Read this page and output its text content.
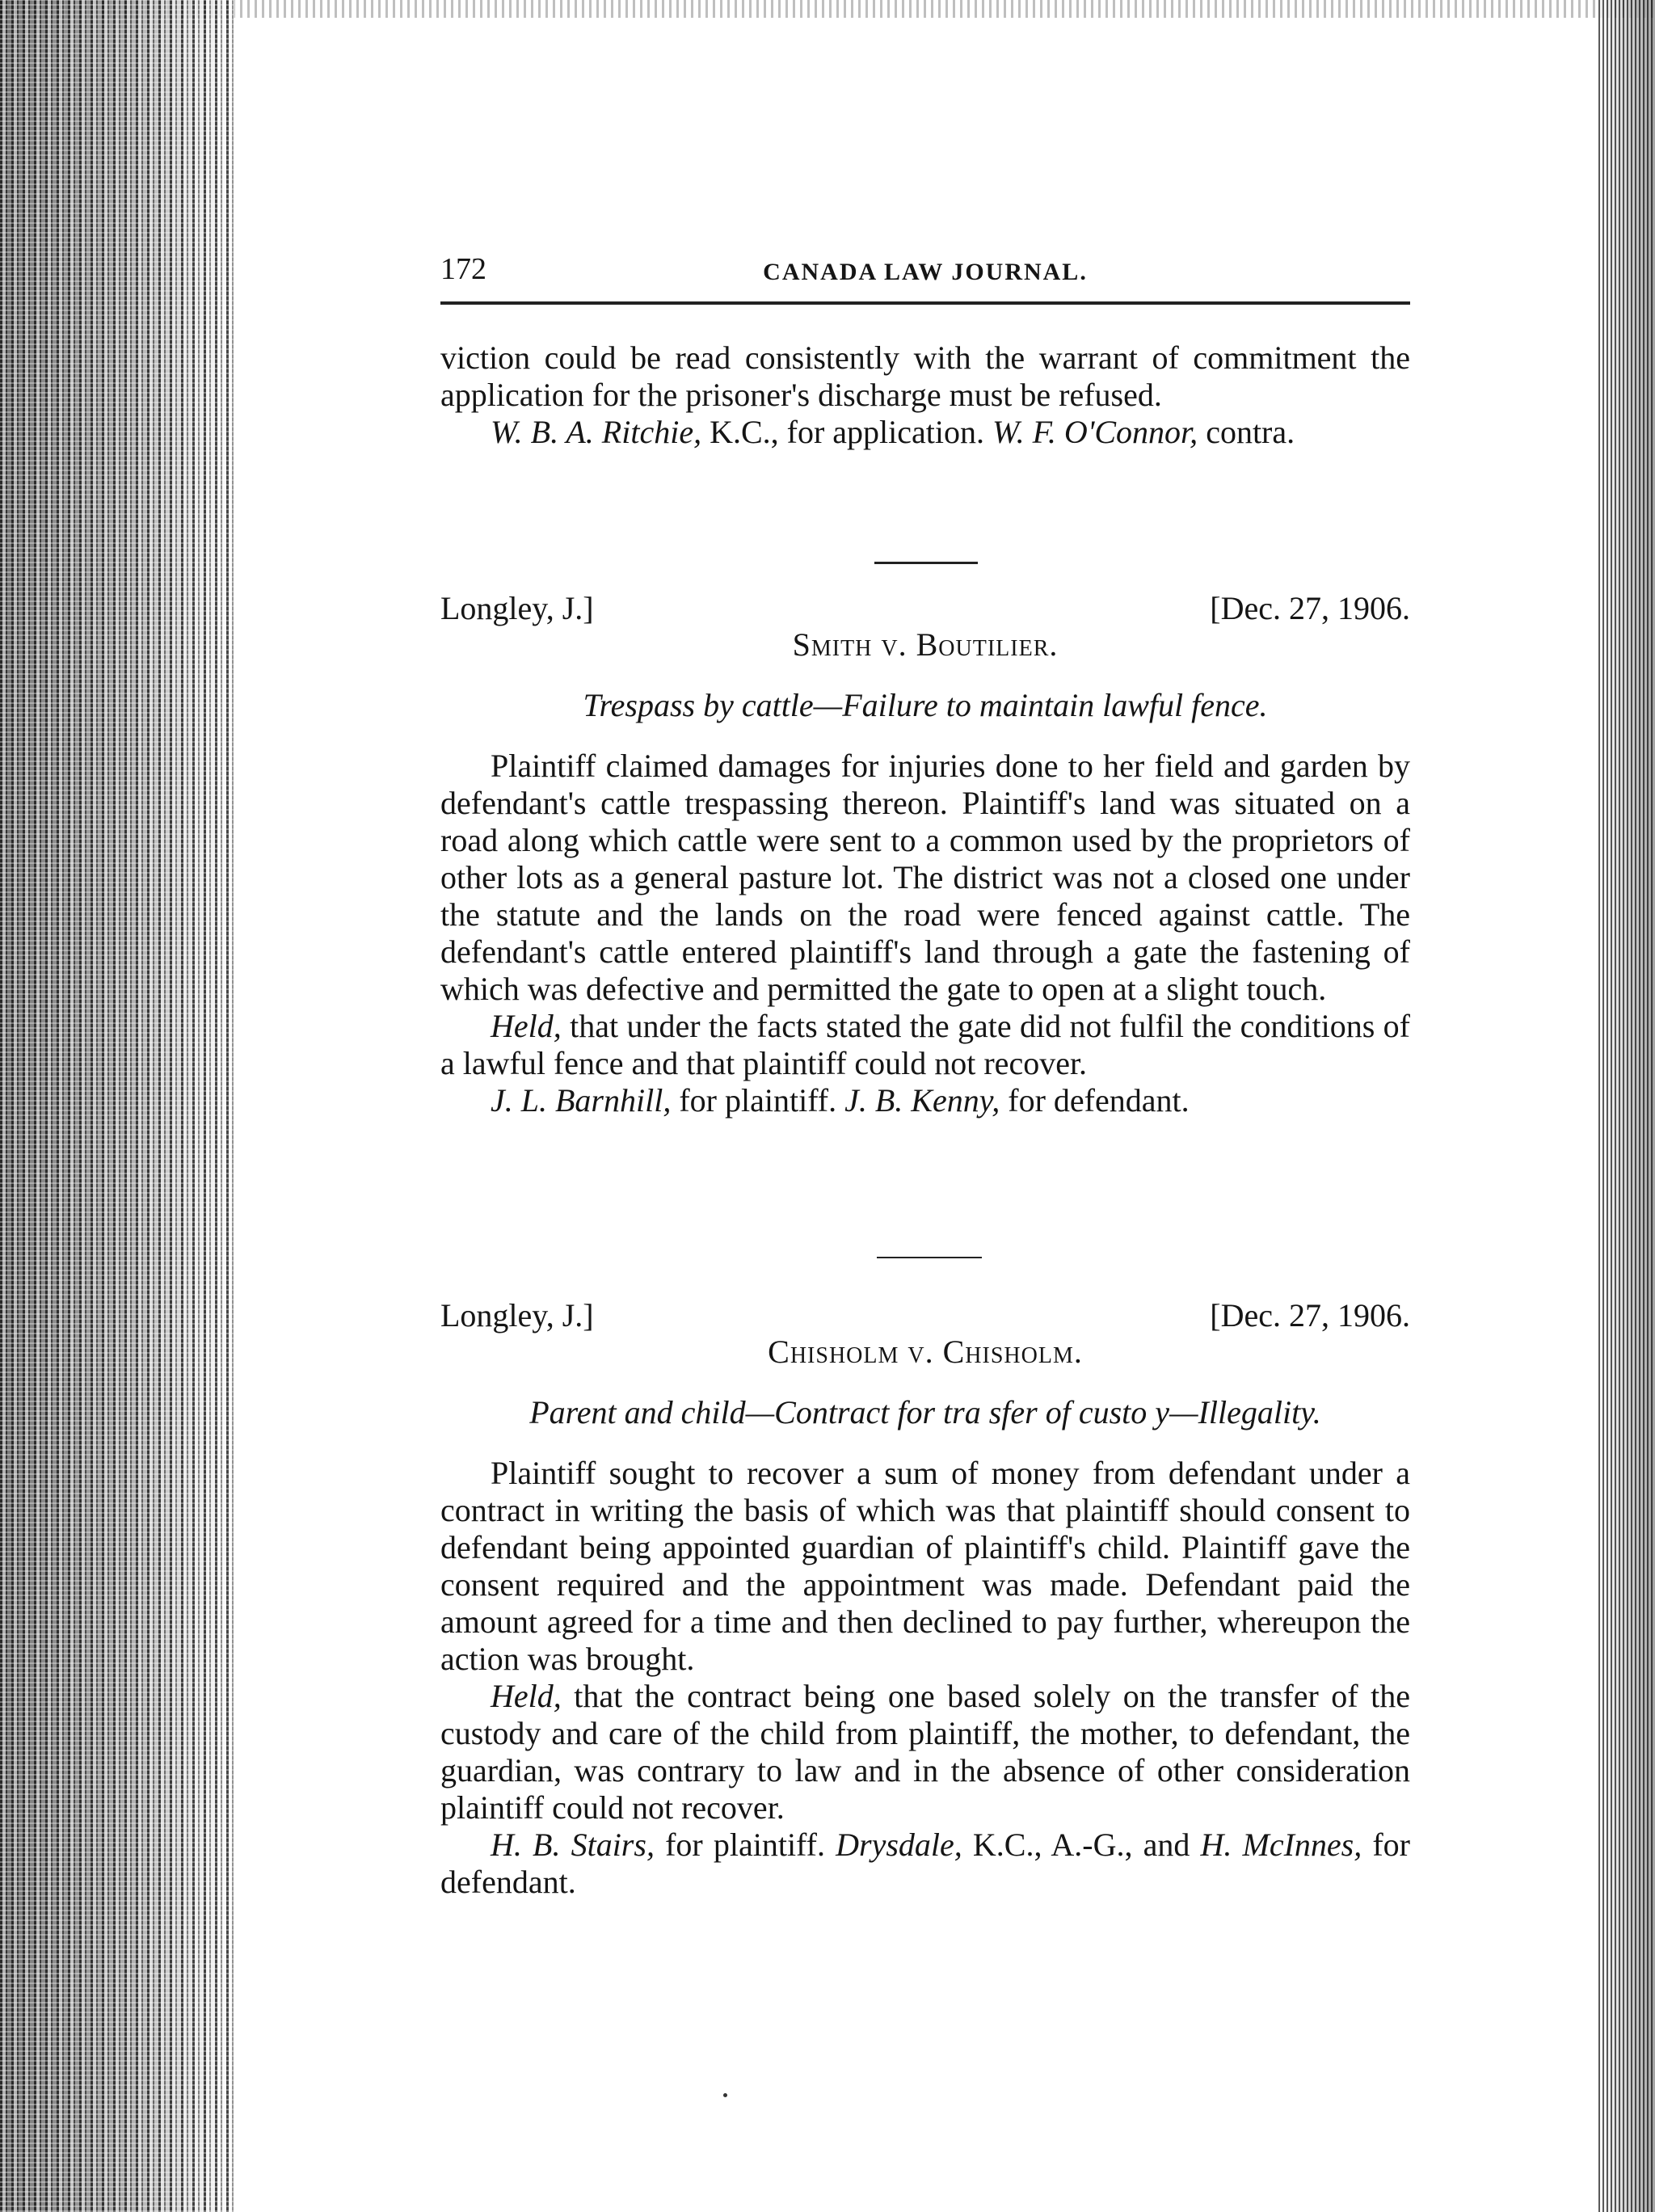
172	CANADA LAW JOURNAL.

viction could be read consistently with the warrant of commitment the application for the prisoner's discharge must be refused.

W. B. A. Ritchie, K.C., for application. W. F. O'Connor, contra.

Longley, J.]	[Dec. 27, 1906.
Smith v. Boutilier.
Trespass by cattle—Failure to maintain lawful fence.

Plaintiff claimed damages for injuries done to her field and garden by defendant's cattle trespassing thereon. Plaintiff's land was situated on a road along which cattle were sent to a common used by the proprietors of other lots as a general pasture lot. The district was not a closed one under the statute and the lands on the road were fenced against cattle. The defendant's cattle entered plaintiff's land through a gate the fastening of which was defective and permitted the gate to open at a slight touch.

Held, that under the facts stated the gate did not fulfil the conditions of a lawful fence and that plaintiff could not recover.

J. L. Barnhill, for plaintiff. J. B. Kenny, for defendant.

Longley, J.]	[Dec. 27, 1906.
Chisholm v. Chisholm.
Parent and child—Contract for tra sfer of custo y—Illegality.

Plaintiff sought to recover a sum of money from defendant under a contract in writing the basis of which was that plaintiff should consent to defendant being appointed guardian of plaintiff's child. Plaintiff gave the consent required and the appointment was made. Defendant paid the amount agreed for a time and then declined to pay further, whereupon the action was brought.

Held, that the contract being one based solely on the transfer of the custody and care of the child from plaintiff, the mother, to defendant, the guardian, was contrary to law and in the absence of other consideration plaintiff could not recover.

H. B. Stairs, for plaintiff. Drysdale, K.C., A.-G., and H. McInnes, for defendant.
